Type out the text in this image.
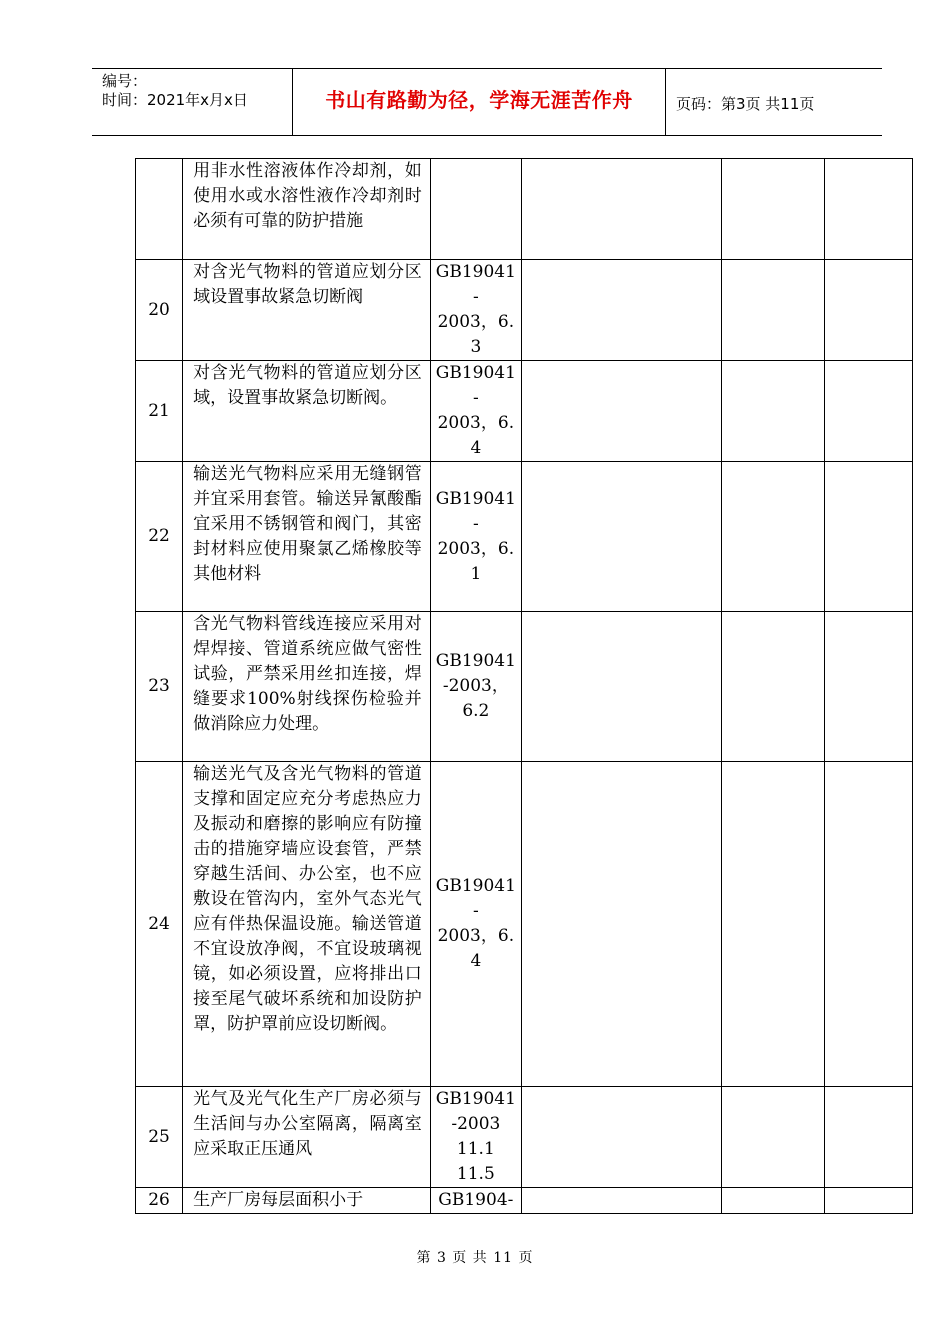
编号：
时间：2021年x月x日	书山有路勤为径，学海无涯苦作舟	页码：第3页 共11页
	用非水性溶液体作冷却剂，如使用水或水溶性液作冷却剂时必须有可靠的防护措施				
20	对含光气物料的管道应划分区域设置事故紧急切断阀	GB19041
-
2003，6.
3			
21	对含光气物料的管道应划分区域，设置事故紧急切断阀。	GB19041
-
2003，6.
4			
22	输送光气物料应采用无缝钢管并宜采用套管。输送异氰酸酯宜采用不锈钢管和阀门，其密封材料应使用聚氯乙烯橡胶等其他材料	GB19041
-
2003，6.
1			
23	含光气物料管线连接应采用对焊焊接、管道系统应做气密性试验，严禁采用丝扣连接，焊缝要求100%射线探伤检验并做消除应力处理。	GB19041
-2003，
6.2			
24	输送光气及含光气物料的管道支撑和固定应充分考虑热应力及振动和磨擦的影响应有防撞击的措施穿墙应设套管，严禁穿越生活间、办公室，也不应敷设在管沟内，室外气态光气应有伴热保温设施。输送管道不宜设放净阀，不宜设玻璃视镜，如必须设置，应将排出口接至尾气破坏系统和加设防护罩，防护罩前应设切断阀。	GB19041
-
2003，6.
4			
25	光气及光气化生产厂房必须与生活间与办公室隔离，隔离室应采取正压通风	GB19041
-2003
11.1
11.5			
26	生产厂房每层面积小于	GB1904-			
第 3 页 共 11 页
